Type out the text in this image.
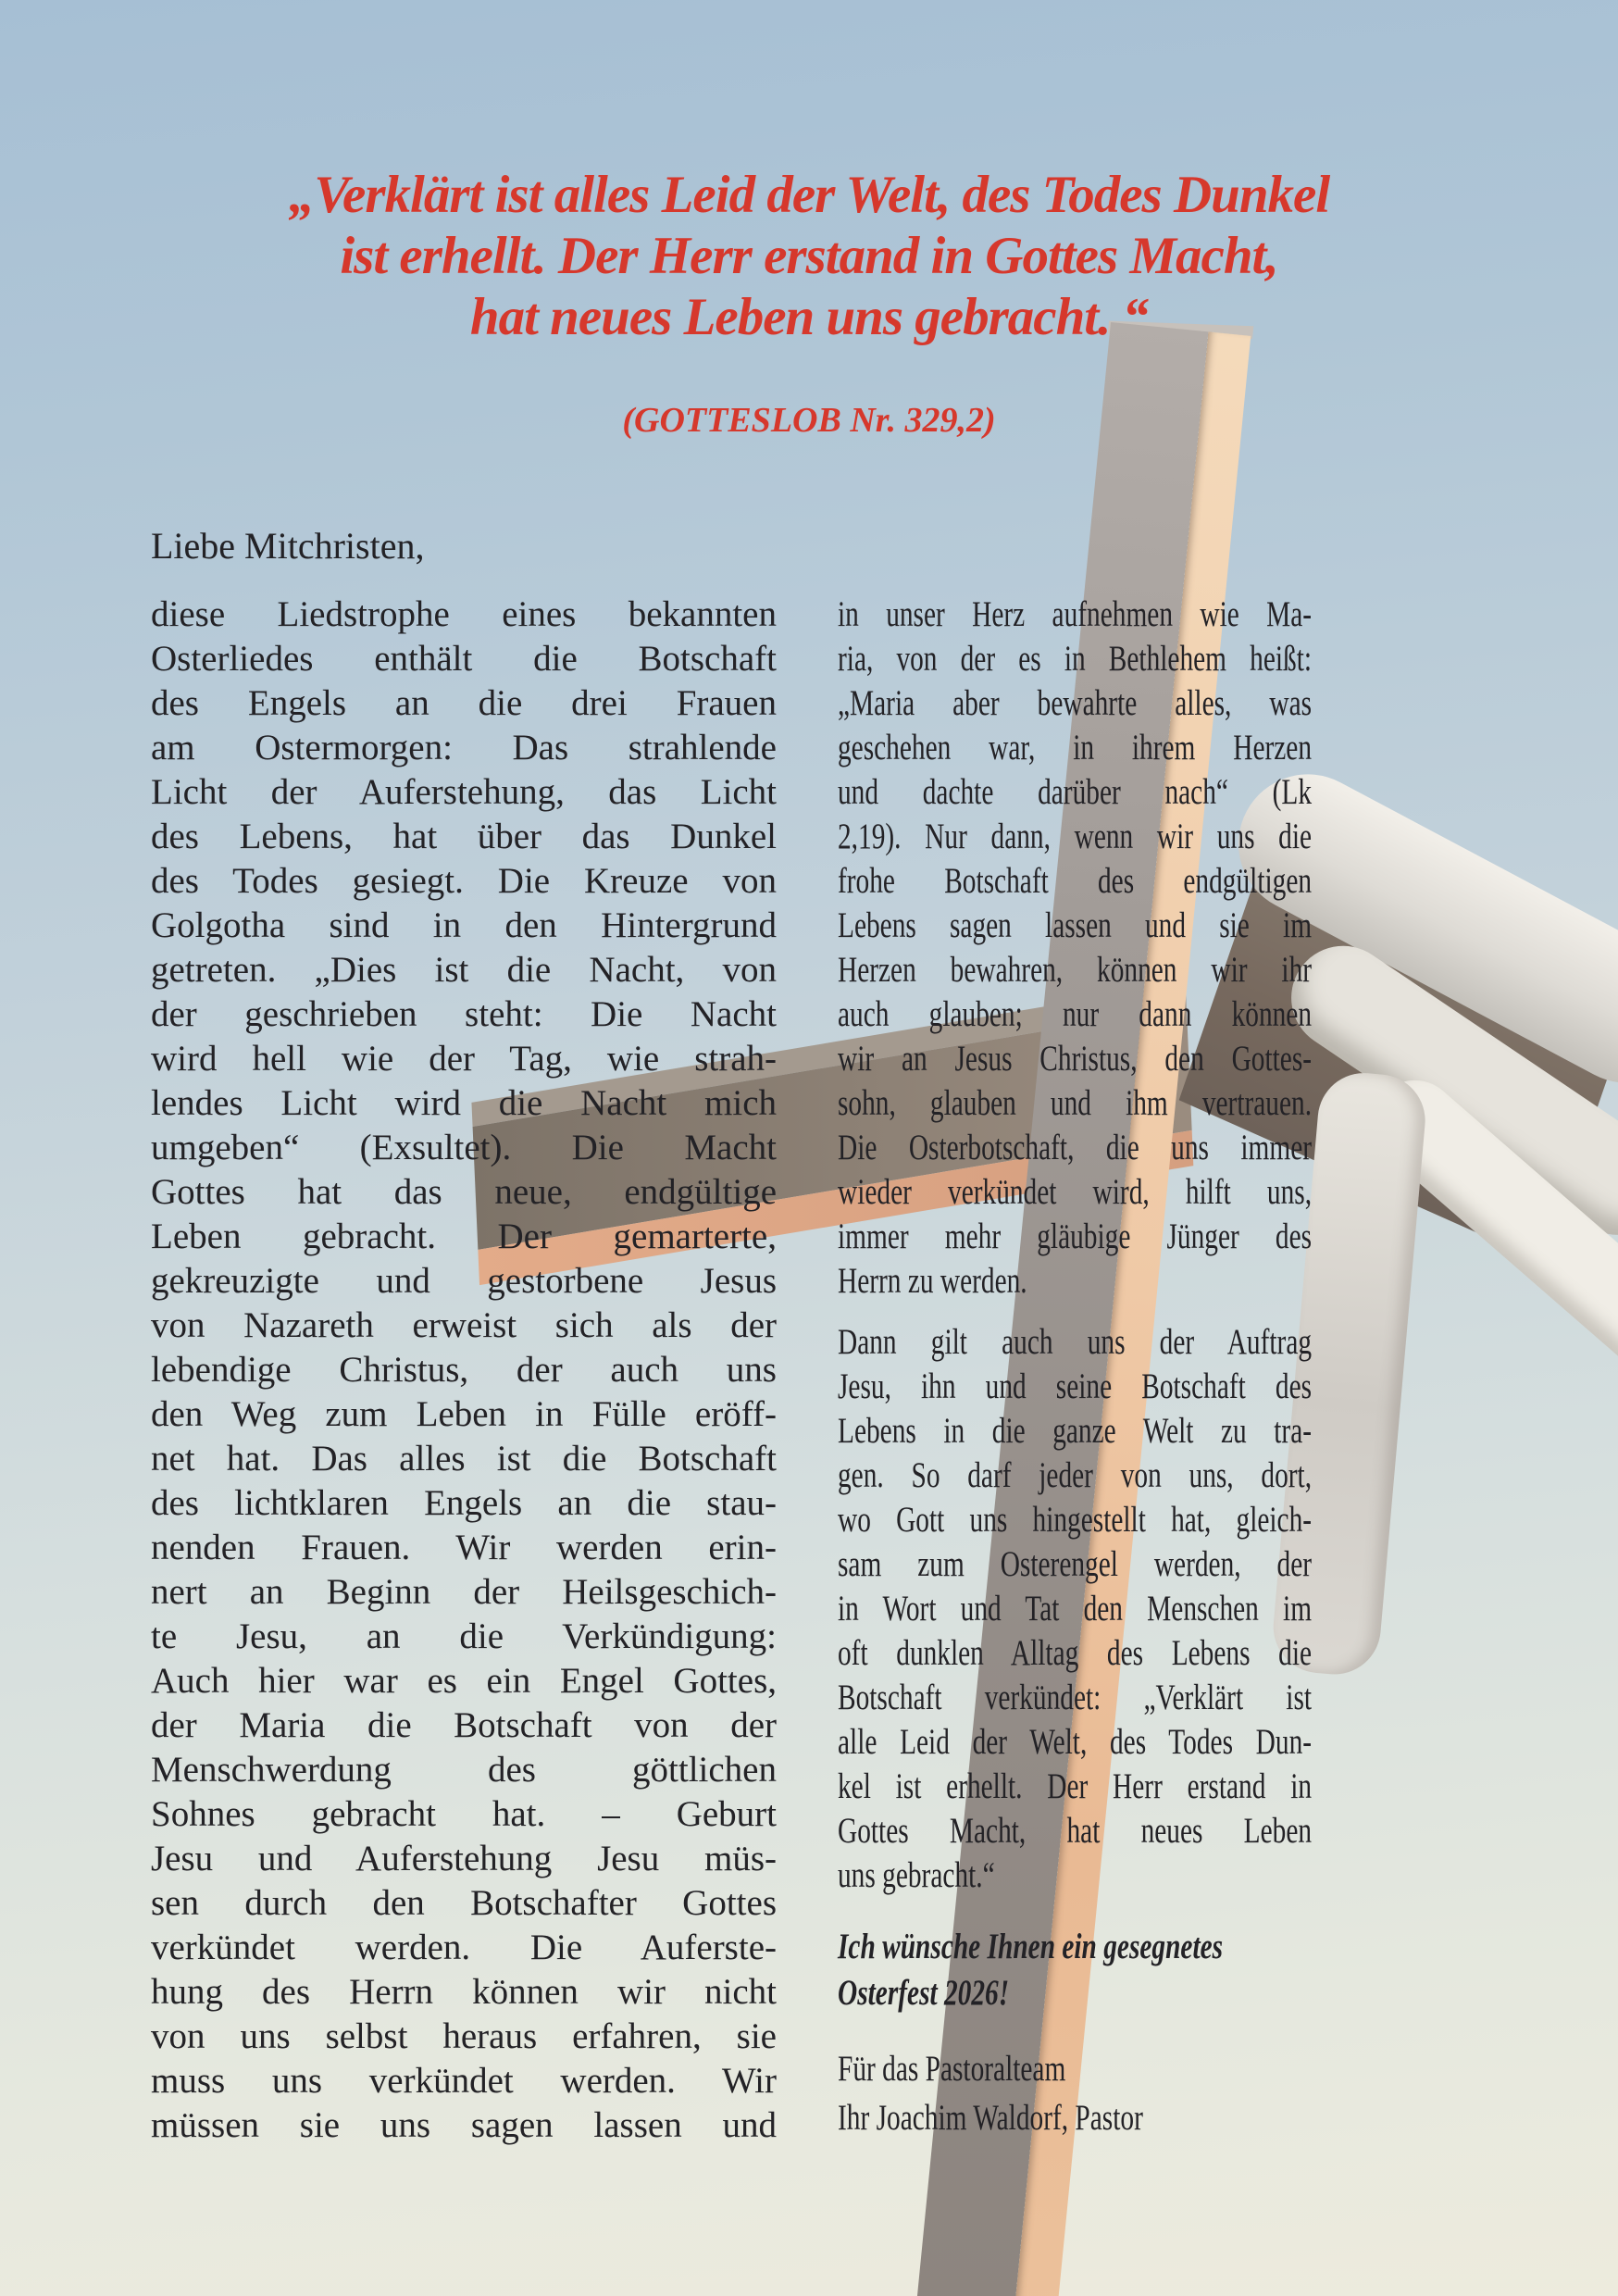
„Verklärt ist alles Leid der Welt, des Todes Dunkel
ist erhellt. Der Herr erstand in Gottes Macht,
hat neues Leben uns gebracht. “
(GOTTESLOB Nr. 329,2)
Liebe Mitchristen,
diese Liedstrophe eines bekannten
Osterliedes enthält die Botschaft
des Engels an die drei Frauen
am Ostermorgen: Das strahlende
Licht der Auferstehung, das Licht
des Lebens, hat über das Dunkel
des Todes gesiegt. Die Kreuze von
Golgotha sind in den Hintergrund
getreten. „Dies ist die Nacht, von
der geschrieben steht: Die Nacht
wird hell wie der Tag, wie strah-
lendes Licht wird die Nacht mich
umgeben“ (Exsultet). Die Macht
Gottes hat das neue, endgültige
Leben gebracht. Der gemarterte,
gekreuzigte und gestorbene Jesus
von Nazareth erweist sich als der
lebendige Christus, der auch uns
den Weg zum Leben in Fülle eröff-
net hat. Das alles ist die Botschaft
des lichtklaren Engels an die stau-
nenden Frauen. Wir werden erin-
nert an Beginn der Heilsgeschich-
te Jesu, an die Verkündigung:
Auch hier war es ein Engel Gottes,
der Maria die Botschaft von der
Menschwerdung des göttlichen
Sohnes gebracht hat. – Geburt
Jesu und Auferstehung Jesu müs-
sen durch den Botschafter Gottes
verkündet werden. Die Auferste-
hung des Herrn können wir nicht
von uns selbst heraus erfahren, sie
muss uns verkündet werden. Wir
müssen sie uns sagen lassen und
in unser Herz aufnehmen wie Ma-
ria, von der es in Bethlehem heißt:
„Maria aber bewahrte alles, was
geschehen war, in ihrem Herzen
und dachte darüber nach“ (Lk
2,19). Nur dann, wenn wir uns die
frohe Botschaft des endgültigen
Lebens sagen lassen und sie im
Herzen bewahren, können wir ihr
auch glauben; nur dann können
wir an Jesus Christus, den Gottes-
sohn, glauben und ihm vertrauen.
Die Osterbotschaft, die uns immer
wieder verkündet wird, hilft uns,
immer mehr gläubige Jünger des
Herrn zu werden.
Dann gilt auch uns der Auftrag
Jesu, ihn und seine Botschaft des
Lebens in die ganze Welt zu tra-
gen. So darf jeder von uns, dort,
wo Gott uns hingestellt hat, gleich-
sam zum Osterengel werden, der
in Wort und Tat den Menschen im
oft dunklen Alltag des Lebens die
Botschaft verkündet: „Verklärt ist
alle Leid der Welt, des Todes Dun-
kel ist erhellt. Der Herr erstand in
Gottes Macht, hat neues Leben
uns gebracht.“
Ich wünsche Ihnen ein gesegnetes
Osterfest 2026!
Für das Pastoralteam
Ihr Joachim Waldorf, Pastor
